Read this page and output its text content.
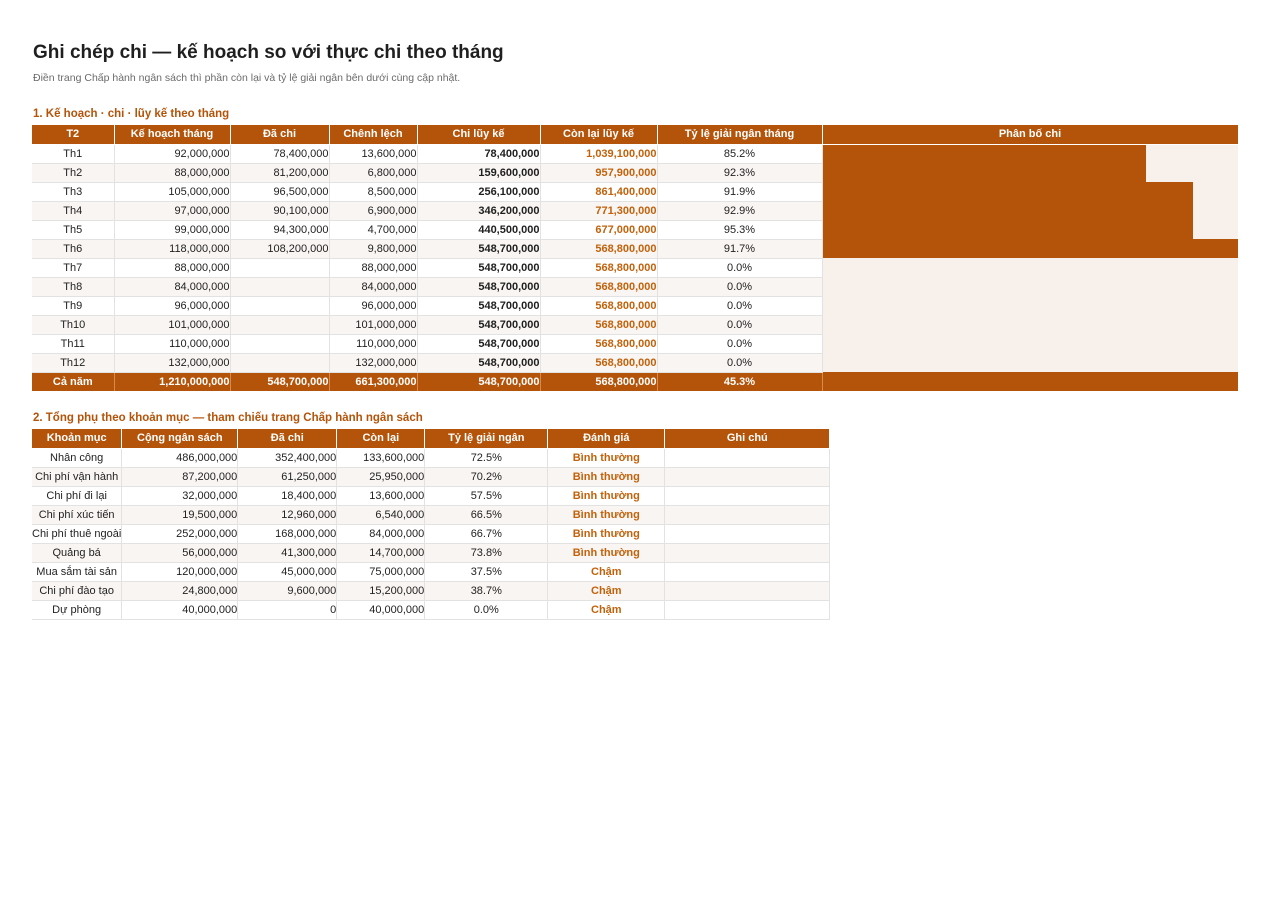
Ghi chép chi — kế hoạch so với thực chi theo tháng
Điền trang Chấp hành ngân sách thì phần còn lại và tỷ lệ giải ngân bên dưới cùng cập nhật.
1. Kế hoạch · chi · lũy kế theo tháng
T2	Kế hoạch tháng	Đã chi	Chênh lệch	Chi lũy kế	Còn lại lũy kế	Tỷ lệ giải ngân tháng	Phân bố chi
Th1	92,000,000	78,400,000	13,600,000	78,400,000	1,039,100,000	85.2%	

Th2	88,000,000	81,200,000	6,800,000	159,600,000	957,900,000	92.3%	

Th3	105,000,000	96,500,000	8,500,000	256,100,000	861,400,000	91.9%	

Th4	97,000,000	90,100,000	6,900,000	346,200,000	771,300,000	92.9%	

Th5	99,000,000	94,300,000	4,700,000	440,500,000	677,000,000	95.3%	

Th6	118,000,000	108,200,000	9,800,000	548,700,000	568,800,000	91.7%	

Th7	88,000,000		88,000,000	548,700,000	568,800,000	0.0%	
Th8	84,000,000		84,000,000	548,700,000	568,800,000	0.0%	
Th9	96,000,000		96,000,000	548,700,000	568,800,000	0.0%	
Th10	101,000,000		101,000,000	548,700,000	568,800,000	0.0%	
Th11	110,000,000		110,000,000	548,700,000	568,800,000	0.0%	
Th12	132,000,000		132,000,000	548,700,000	568,800,000	0.0%	
Cả năm	1,210,000,000	548,700,000	661,300,000	548,700,000	568,800,000	45.3%	
2. Tổng phụ theo khoản mục — tham chiếu trang Chấp hành ngân sách
Khoản mục	Cộng ngân sách	Đã chi	Còn lại	Tỷ lệ giải ngân	Đánh giá	Ghi chú
Nhân công	486,000,000	352,400,000	133,600,000	72.5%	Bình thường	
Chi phí vận hành	87,200,000	61,250,000	25,950,000	70.2%	Bình thường	
Chi phí đi lại	32,000,000	18,400,000	13,600,000	57.5%	Bình thường	
Chi phí xúc tiến	19,500,000	12,960,000	6,540,000	66.5%	Bình thường	
Chi phí thuê ngoài	252,000,000	168,000,000	84,000,000	66.7%	Bình thường	
Quảng bá	56,000,000	41,300,000	14,700,000	73.8%	Bình thường	
Mua sắm tài sản	120,000,000	45,000,000	75,000,000	37.5%	Chậm	
Chi phí đào tạo	24,800,000	9,600,000	15,200,000	38.7%	Chậm	
Dự phòng	40,000,000	0	40,000,000	0.0%	Chậm	
